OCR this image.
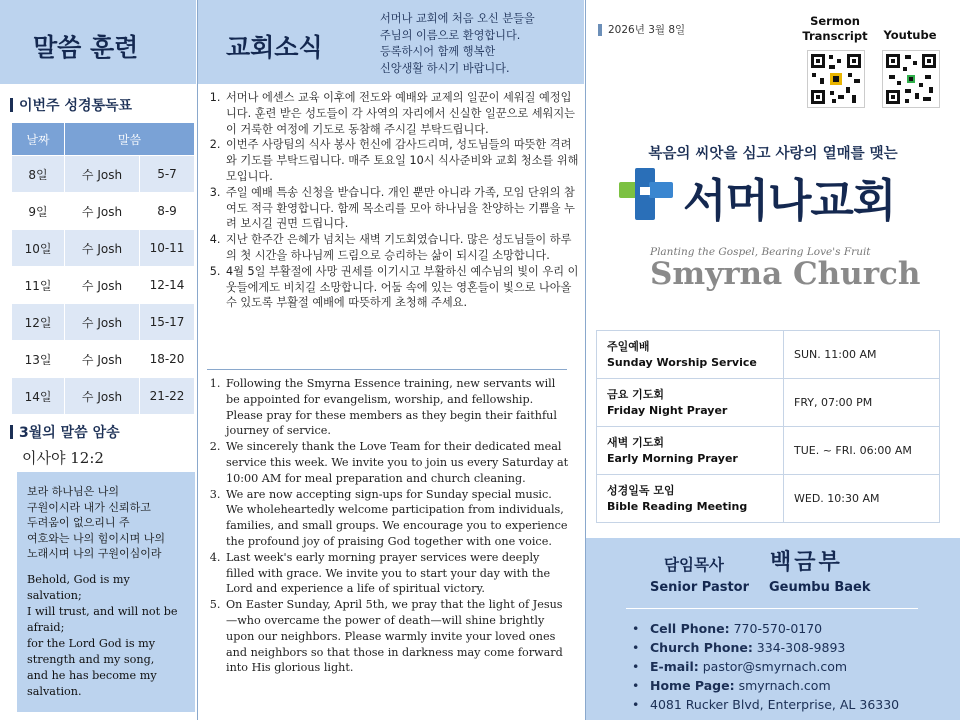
말씀 훈련
이번주 성경통독표
날짜	말씀	
8일	수 Josh	5-7
9일	수 Josh	8-9
10일	수 Josh	10-11
11일	수 Josh	12-14
12일	수 Josh	15-17
13일	수 Josh	18-20
14일	수 Josh	21-22
3월의 말씀 암송
이사야 12:2
보라 하나님은 나의
구원이시라 내가 신뢰하고
두려움이 없으리니 주
여호와는 나의 힘이시며 나의
노래시며 나의 구원이심이라
Behold, God is my
salvation;
I will trust, and will not be
afraid;
for the Lord God is my
strength and my song,
and he has become my
salvation.
교회소식
서머나 교회에 처음 오신 분들을
주님의 이름으로 환영합니다.
등록하시어 함께 행복한
신앙생활 하시기 바랍니다.
1. 서머나 에센스 교육 이후에 전도와 예배와 교제의 일꾼이 세워질 예정입니다. 훈련 받은 성도들이 각 사역의 자리에서 신실한 일꾼으로 세워지는 이 거룩한 여정에 기도로 동참해 주시길 부탁드립니다.
2. 이번주 사랑팀의 식사 봉사 헌신에 감사드리며, 성도님들의 따뜻한 격려와 기도를 부탁드립니다. 매주 토요일 10시 식사준비와 교회 청소를 위해 모입니다.
3. 주일 예배 특송 신청을 받습니다. 개인 뿐만 아니라 가족, 모임 단위의 참여도 적극 환영합니다. 함께 목소리를 모아 하나님을 찬양하는 기쁨을 누려 보시길 권면 드립니다.
4. 지난 한주간 은혜가 넘치는 새벽 기도회였습니다. 많은 성도님들이 하루의 첫 시간을 하나님께 드림으로 승리하는 삶이 되시길 소망합니다.
5. 4월 5일 부활절에 사망 권세를 이기시고 부활하신 예수님의 빛이 우리 이웃들에게도 비치길 소망합니다. 어둠 속에 있는 영혼들이 빛으로 나아올 수 있도록 부활절 예배에 따뜻하게 초청해 주세요.
1. Following the Smyrna Essence training, new servants will be appointed for evangelism, worship, and fellowship. Please pray for these members as they begin their faithful journey of service.
2. We sincerely thank the Love Team for their dedicated meal service this week. We invite you to join us every Saturday at 10:00 AM for meal preparation and church cleaning.
3. We are now accepting sign-ups for Sunday special music. We wholeheartedly welcome participation from individuals, families, and small groups. We encourage you to experience the profound joy of praising God together with one voice.
4. Last week's early morning prayer services were deeply filled with grace. We invite you to start your day with the Lord and experience a life of spiritual victory.
5. On Easter Sunday, April 5th, we pray that the light of Jesus—who overcame the power of death—will shine brightly upon our neighbors. Please warmly invite your loved ones and neighbors so that those in darkness may come forward into His glorious light.
2026년 3월 8일
Sermon
Transcript	Youtube
복음의 씨앗을 심고 사랑의 열매를 맺는
서머나교회
Planting the Gospel, Bearing Love's Fruit
Smyrna Church
주일예배
Sunday Worship Service	SUN. 11:00 AM

금요 기도회
Friday Night Prayer	FRY, 07:00 PM

새벽 기도회
Early Morning Prayer	TUE. ~ FRI. 06:00 AM

성경일독 모임
Bible Reading Meeting	WED. 10:30 AM
담임목사 백금부
Senior Pastor Geumbu Baek
• Cell Phone: 770-570-0170
• Church Phone: 334-308-9893
• E-mail: pastor@smyrnach.com
• Home Page: smyrnach.com
• 4081 Rucker Blvd, Enterprise, AL 36330
